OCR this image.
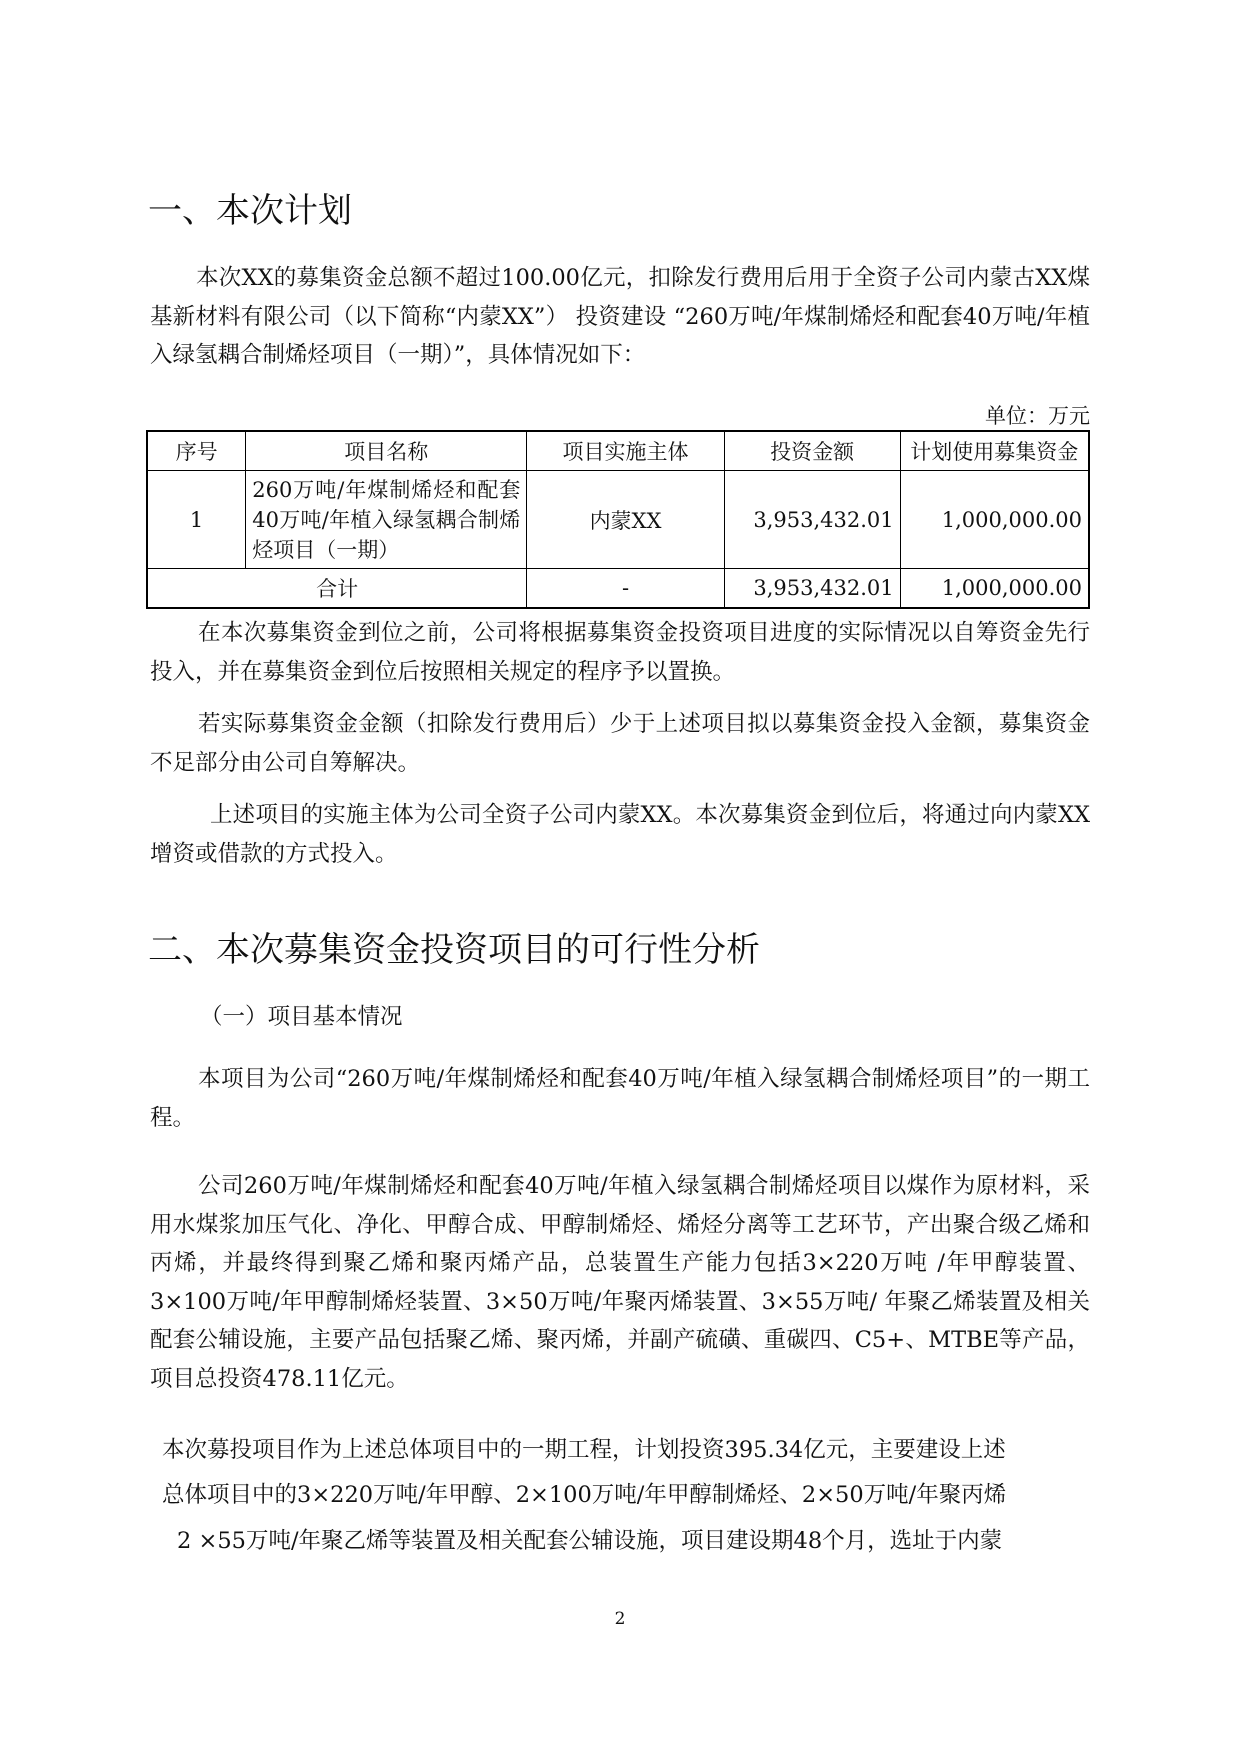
一、本次计划

本次XX的募集资金总额不超过100.00亿元，扣除发行费用后用于全资子公司内蒙古XX煤基新材料有限公司（以下简称“内蒙XX”） 投资建设 “260万吨/年煤制烯烃和配套40万吨/年植入绿氢耦合制烯烃项目（一期）”，具体情况如下：

单位：万元
序号	项目名称	项目实施主体	投资金额	计划使用募集资金
1	260万吨/年煤制烯烃和配套40万吨/年植入绿氢耦合制烯烃项目（一期）	内蒙XX	3,953,432.01	1,000,000.00
合计		-	3,953,432.01	1,000,000.00

在本次募集资金到位之前，公司将根据募集资金投资项目进度的实际情况以自筹资金先行投入，并在募集资金到位后按照相关规定的程序予以置换。

若实际募集资金金额（扣除发行费用后）少于上述项目拟以募集资金投入金额，募集资金不足部分由公司自筹解决。

上述项目的实施主体为公司全资子公司内蒙XX。本次募集资金到位后，将通过向内蒙XX增资或借款的方式投入。

二、本次募集资金投资项目的可行性分析
（一）项目基本情况

本项目为公司“260万吨/年煤制烯烃和配套40万吨/年植入绿氢耦合制烯烃项目”的一期工程。

公司260万吨/年煤制烯烃和配套40万吨/年植入绿氢耦合制烯烃项目以煤作为原材料，采用水煤浆加压气化、净化、甲醇合成、甲醇制烯烃、烯烃分离等工艺环节，产出聚合级乙烯和丙烯，并最终得到聚乙烯和聚丙烯产品，总装置生产能力包括3×220万吨 /年甲醇装置、3×100万吨/年甲醇制烯烃装置、3×50万吨/年聚丙烯装置、3×55万吨/ 年聚乙烯装置及相关配套公辅设施，主要产品包括聚乙烯、聚丙烯，并副产硫磺、重碳四、C5+、MTBE等产品，项目总投资478.11亿元。

本次募投项目作为上述总体项目中的一期工程，计划投资395.34亿元，主要建设上述
总体项目中的3×220万吨/年甲醇、2×100万吨/年甲醇制烯烃、2×50万吨/年聚丙烯
2 ×55万吨/年聚乙烯等装置及相关配套公辅设施，项目建设期48个月，选址于内蒙
2
